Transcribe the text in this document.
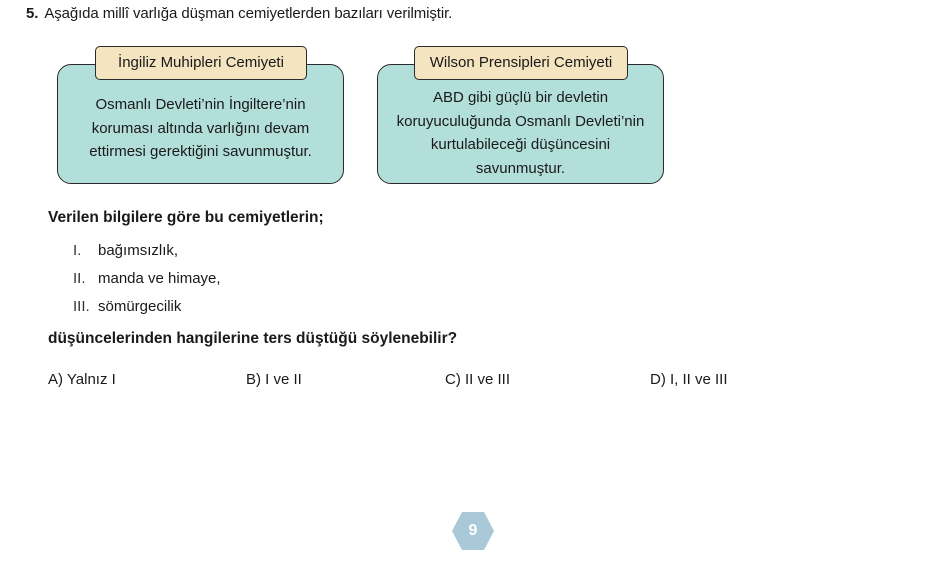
5. Aşağıda millî varlığa düşman cemiyetlerden bazıları verilmiştir.

Osmanlı Devleti’nin İngiltere’nin

koruması altında varlığını devam

ettirmesi gerektiğini savunmuştur.

İngiliz Muhipleri Cemiyeti

ABD gibi güçlü bir devletin

koruyuculuğunda Osmanlı Devleti’nin

kurtulabileceği düşüncesini

savunmuştur.

Wilson Prensipleri Cemiyeti
Verilen bilgilere göre bu cemiyetlerin;
I.	bağımsızlık,
II. manda ve himaye,
III. sömürgecilik
düşüncelerinden hangilerine ters düştüğü söylenebilir?
A) Yalnız I	B) I ve II	C) II ve III	D) I, II ve III
9
